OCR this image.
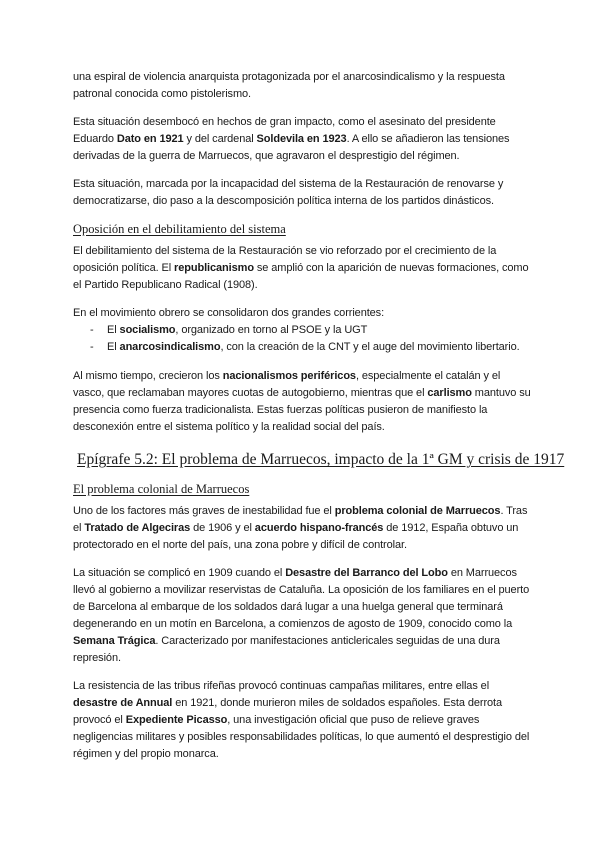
una espiral de violencia anarquista protagonizada por el anarcosindicalismo y la respuesta patronal conocida como pistolerismo.

Esta situación desembocó en hechos de gran impacto, como el asesinato del presidente Eduardo Dato en 1921 y del cardenal Soldevila en 1923. A ello se añadieron las tensiones derivadas de la guerra de Marruecos, que agravaron el desprestigio del régimen.

Esta situación, marcada por la incapacidad del sistema de la Restauración de renovarse y democratizarse, dio paso a la descomposición política interna de los partidos dinásticos.

Oposición en el debilitamiento del sistema

El debilitamiento del sistema de la Restauración se vio reforzado por el crecimiento de la oposición política. El republicanismo se amplió con la aparición de nuevas formaciones, como el Partido Republicano Radical (1908).

En el movimiento obrero se consolidaron dos grandes corrientes:

- El socialismo, organizado en torno al PSOE y la UGT
- El anarcosindicalismo, con la creación de la CNT y el auge del movimiento libertario.

Al mismo tiempo, crecieron los nacionalismos periféricos, especialmente el catalán y el vasco, que reclamaban mayores cuotas de autogobierno, mientras que el carlismo mantuvo su presencia como fuerza tradicionalista. Estas fuerzas políticas pusieron de manifiesto la desconexión entre el sistema político y la realidad social del país.

Epígrafe 5.2: El problema de Marruecos, impacto de la 1ª GM y crisis de 1917
El problema colonial de Marruecos

Uno de los factores más graves de inestabilidad fue el problema colonial de Marruecos. Tras el Tratado de Algeciras de 1906 y el acuerdo hispano-francés de 1912, España obtuvo un protectorado en el norte del país, una zona pobre y difícil de controlar.

La situación se complicó en 1909 cuando el Desastre del Barranco del Lobo en Marruecos llevó al gobierno a movilizar reservistas de Cataluña. La oposición de los familiares en el puerto de Barcelona al embarque de los soldados dará lugar a una huelga general que terminará degenerando en un motín en Barcelona, a comienzos de agosto de 1909, conocido como la Semana Trágica. Caracterizado por manifestaciones anticlericales seguidas de una dura represión.

La resistencia de las tribus rifeñas provocó continuas campañas militares, entre ellas el desastre de Annual en 1921, donde murieron miles de soldados españoles. Esta derrota provocó el Expediente Picasso, una investigación oficial que puso de relieve graves negligencias militares y posibles responsabilidades políticas, lo que aumentó el desprestigio del régimen y del propio monarca.
